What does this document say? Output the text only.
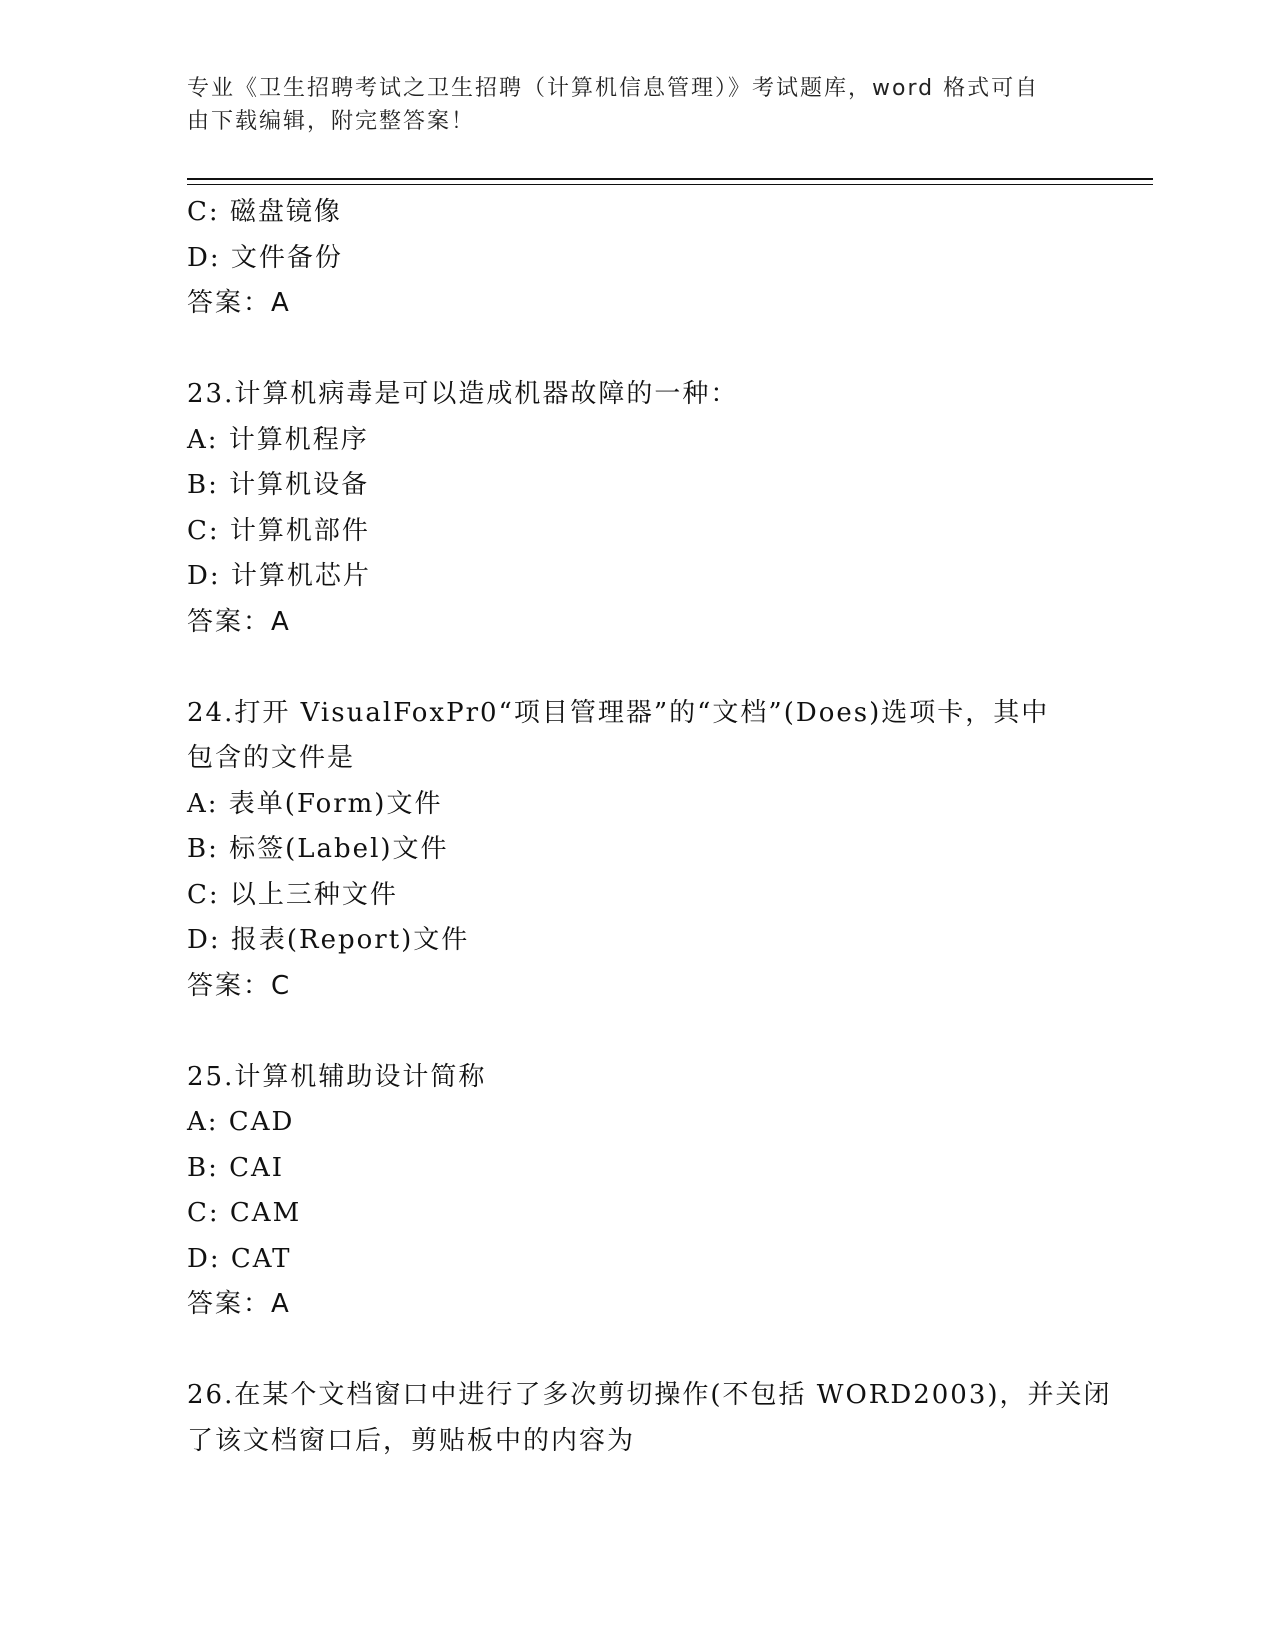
专业《卫生招聘考试之卫生招聘（计算机信息管理）》考试题库，word 格式可自
由下载编辑，附完整答案！
C: 磁盘镜像
D: 文件备份
答案：A
23.计算机病毒是可以造成机器故障的一种：
A: 计算机程序
B: 计算机设备
C: 计算机部件
D: 计算机芯片
答案：A
24.打开 VisualFoxPr0“项目管理器”的“文档”(Does)选项卡，其中
包含的文件是
A: 表单(Form)文件
B: 标签(Label)文件
C: 以上三种文件
D: 报表(Report)文件
答案：C
25.计算机辅助设计简称
A: CAD
B: CAI
C: CAM
D: CAT
答案：A
26.在某个文档窗口中进行了多次剪切操作(不包括 WORD2003)，并关闭
了该文档窗口后，剪贴板中的内容为
